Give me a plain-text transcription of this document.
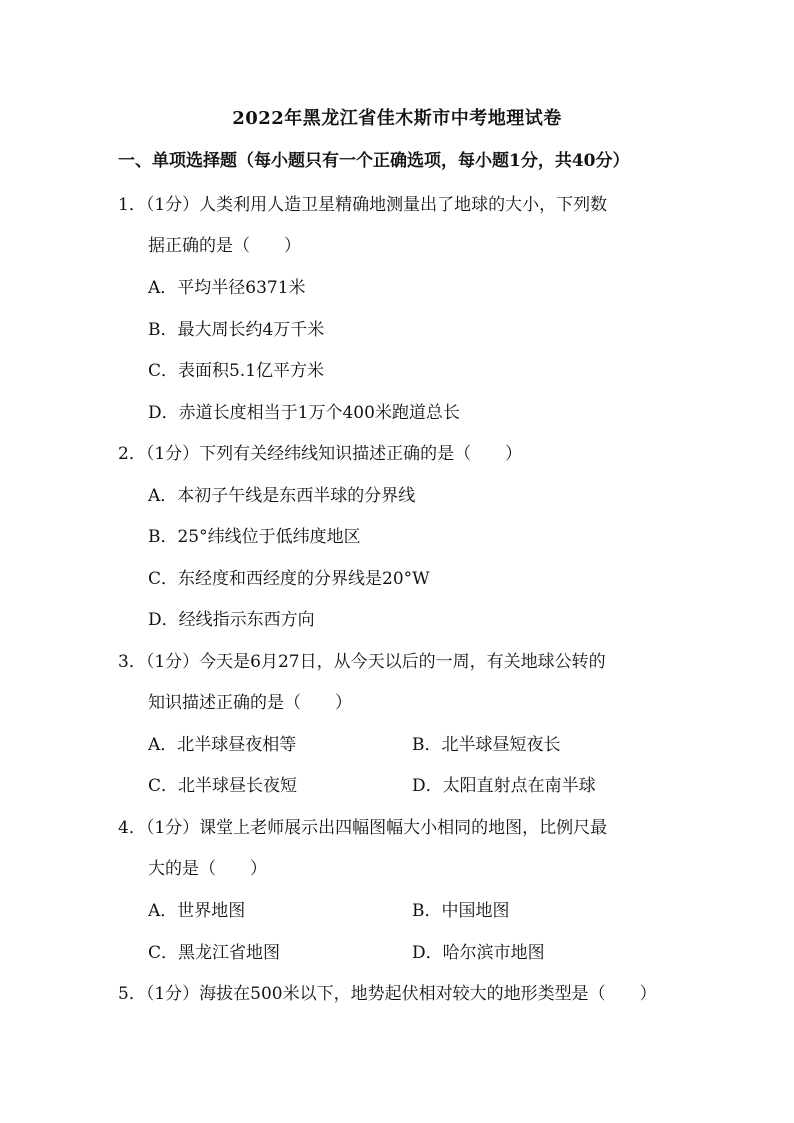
2022年黑龙江省佳木斯市中考地理试卷
一、单项选择题（每小题只有一个正确选项，每小题1分，共40分）
1．（1分）人类利用人造卫星精确地测量出了地球的大小，下列数
据正确的是（　　）
A．平均半径6371米
B．最大周长约4万千米
C．表面积5.1亿平方米
D．赤道长度相当于1万个400米跑道总长
2．（1分）下列有关经纬线知识描述正确的是（　　）
A．本初子午线是东西半球的分界线
B．25°纬线位于低纬度地区
C．东经度和西经度的分界线是20°W
D．经线指示东西方向
3．（1分）今天是6月27日，从今天以后的一周，有关地球公转的
知识描述正确的是（　　）
A．北半球昼夜相等	B．北半球昼短夜长
C．北半球昼长夜短	D．太阳直射点在南半球
4．（1分）课堂上老师展示出四幅图幅大小相同的地图，比例尺最
大的是（　　）
A．世界地图	B．中国地图
C．黑龙江省地图	D．哈尔滨市地图
5．（1分）海拔在500米以下，地势起伏相对较大的地形类型是（　　）
